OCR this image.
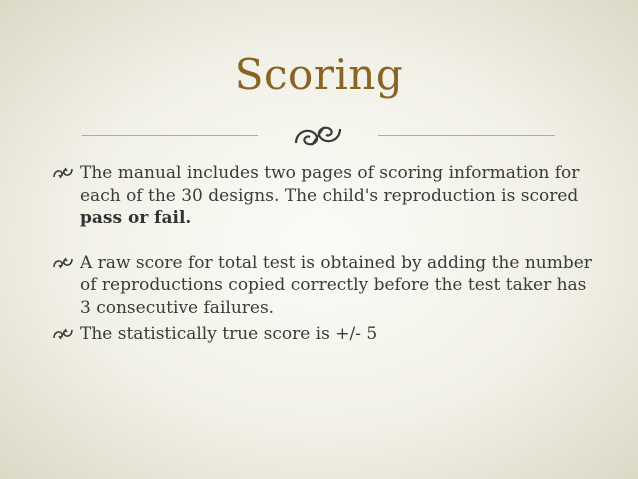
Scoring
The manual includes two pages of scoring information for each of the 30 designs. The child's reproduction is scored pass or fail.
A raw score for total test is obtained by adding the number of reproductions copied correctly before the test taker has 3 consecutive failures.
The statistically true score is +/- 5
